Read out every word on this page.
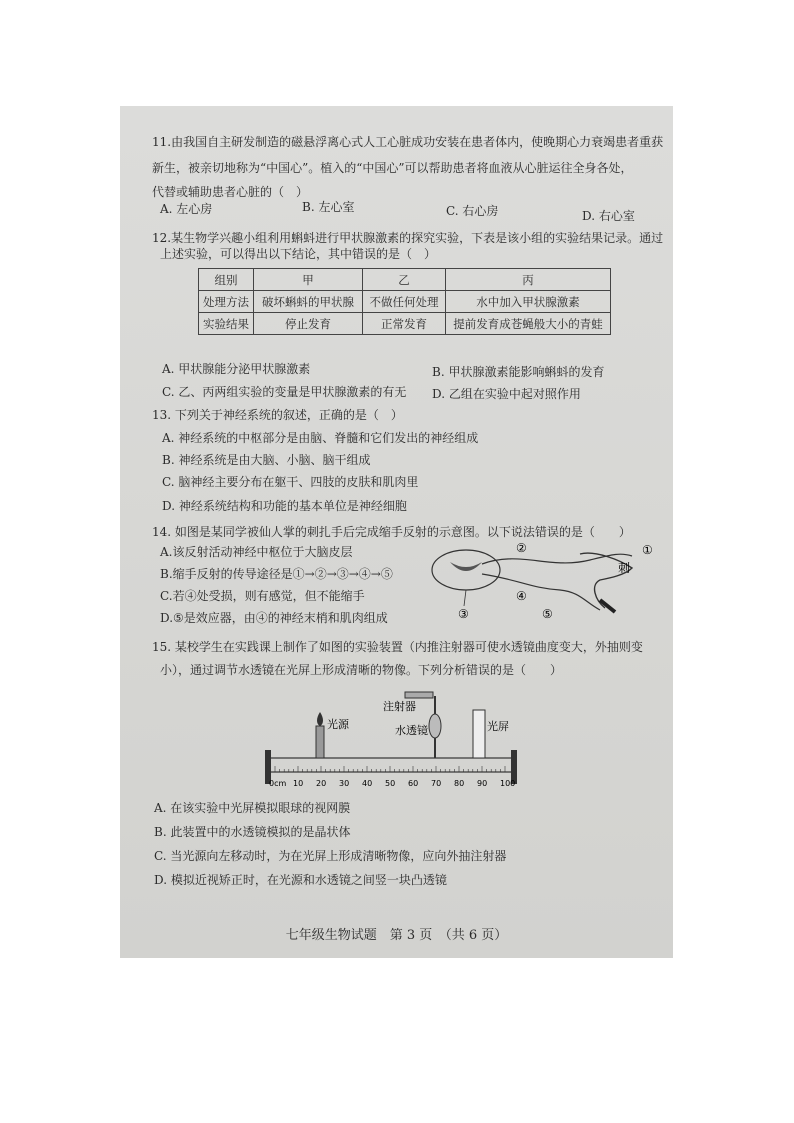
11.由我国自主研发制造的磁悬浮离心式人工心脏成功安装在患者体内，使晚期心力衰竭患者重获
新生，被亲切地称为“中国心”。植入的“中国心”可以帮助患者将血液从心脏运往全身各处，
代替或辅助患者心脏的（　）
A. 左心房	B. 左心室	C. 右心房	D. 右心室
12.某生物学兴趣小组利用蝌蚪进行甲状腺激素的探究实验，下表是该小组的实验结果记录。通过
上述实验，可以得出以下结论，其中错误的是（　）
组别	甲	乙	丙
处理方法	破坏蝌蚪的甲状腺	不做任何处理	水中加入甲状腺激素
实验结果	停止发育	正常发育	提前发育成苍蝇般大小的青蛙
A. 甲状腺能分泌甲状腺激素	B. 甲状腺激素能影响蝌蚪的发育
C. 乙、丙两组实验的变量是甲状腺激素的有无 D. 乙组在实验中起对照作用
13. 下列关于神经系统的叙述，正确的是（　）
A. 神经系统的中枢部分是由脑、脊髓和它们发出的神经组成
B. 神经系统是由大脑、小脑、脑干组成
C. 脑神经主要分布在躯干、四肢的皮肤和肌肉里
D. 神经系统结构和功能的基本单位是神经细胞
14. 如图是某同学被仙人掌的刺扎手后完成缩手反射的示意图。以下说法错误的是（　　）
A.该反射活动神经中枢位于大脑皮层
B.缩手反射的传导途径是①→②→③→④→⑤
C.若④处受损，则有感觉，但不能缩手
D.⑤是效应器，由④的神经末梢和肌肉组成
①
②
③
④
⑤
刺
15. 某校学生在实践课上制作了如图的实验装置（内推注射器可使水透镜曲度变大，外抽则变
小），通过调节水透镜在光屏上形成清晰的物像。下列分析错误的是（　　）
0cm 10 20 30 40 50 60 70 80 90 100
光源
注射器
水透镜	光屏
A. 在该实验中光屏模拟眼球的视网膜
B. 此装置中的水透镜模拟的是晶状体
C. 当光源向左移动时，为在光屏上形成清晰物像，应向外抽注射器
D. 模拟近视矫正时，在光源和水透镜之间竖一块凸透镜
七年级生物试题　第 3 页　（共 6 页）
